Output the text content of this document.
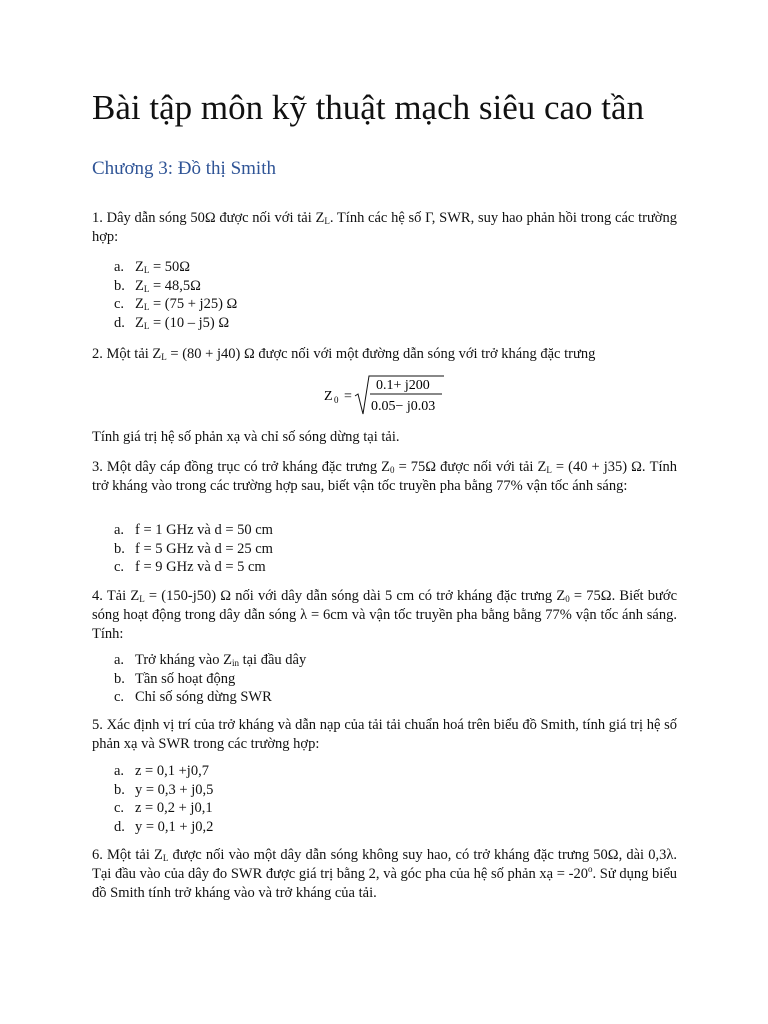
Bài tập môn kỹ thuật mạch siêu cao tần
Chương 3: Đồ thị Smith

1. Dây dẫn sóng 50Ω được nối với tải $Z_L$. Tính các hệ số Γ, SWR, suy hao phản hồi trong các trường hợp:

a. $Z_L = 50\Omega$
b. $Z_L = 48,5\Omega$
c. $Z_L = (75 + j25)$ Ω
d. $Z_L = (10 - j5)$ Ω

2. Một tải $Z_L = (80 + j40)$ Ω được nối với một đường dẫn sóng với trở kháng đặc trưng

Z 0 =
0.1+ j200
0.05− j0.03

Tính giá trị hệ số phản xạ và chỉ số sóng dừng tại tải.

3. Một dây cáp đồng trục có trở kháng đặc trưng $Z_0 = 75\Omega$ được nối với tải $Z_L = (40 + j35)$ Ω. Tính trở kháng vào trong các trường hợp sau, biết vận tốc truyền pha bằng 77% vận tốc ánh sáng:

a. f = 1 GHz và d = 50 cm
b. f = 5 GHz và d = 25 cm
c. f = 9 GHz và d = 5 cm

4. Tải $Z_L = (150-j50)$ Ω nối với dây dẫn sóng dài 5 cm có trở kháng đặc trưng $Z_0 = 75\Omega$. Biết bước sóng hoạt động trong dây dẫn sóng λ = 6cm và vận tốc truyền pha bằng bằng 77% vận tốc ánh sáng. Tính:

a. Trở kháng vào $Z_{in}$ tại đầu dây
b. Tần số hoạt động
c. Chỉ số sóng dừng SWR

5. Xác định vị trí của trở kháng và dẫn nạp của tải tải chuẩn hoá trên biểu đồ Smith, tính giá trị hệ số phản xạ và SWR trong các trường hợp:

a. z = 0,1 +j0,7
b. y = 0,3 + j0,5
c. z = 0,2 + j0,1
d. y = 0,1 + j0,2

6. Một tải $Z_L$ được nối vào một dây dẫn sóng không suy hao, có trở kháng đặc trưng 50Ω, dài 0,3λ. Tại đầu vào của dây đo SWR được giá trị bằng 2, và góc pha của hệ số phản xạ = $-20^o$. Sử dụng biểu đồ Smith tính trở kháng vào và trở kháng của tải.
